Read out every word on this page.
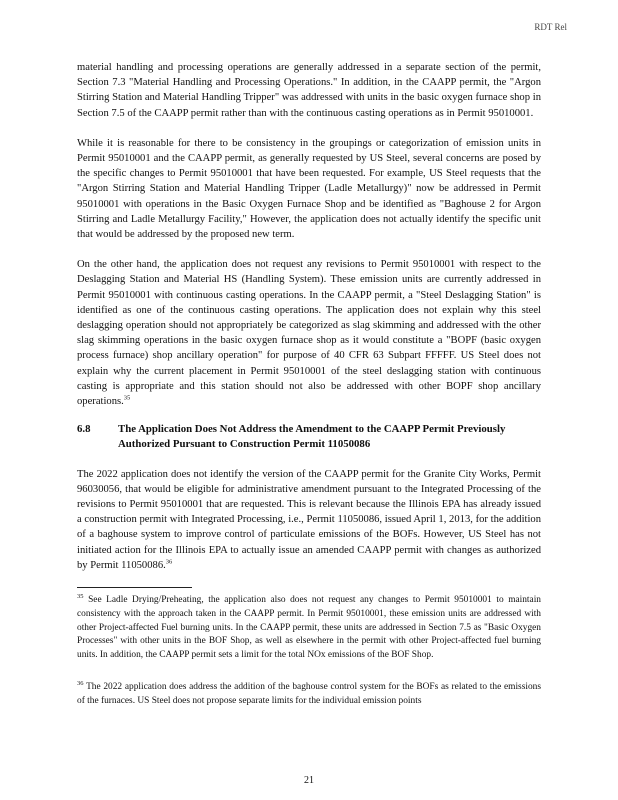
RDT Rel

material handling and processing operations are generally addressed in a separate section of the permit, Section 7.3 "Material Handling and Processing Operations." In addition, in the CAAPP permit, the "Argon Stirring Station and Material Handling Tripper" was addressed with units in the basic oxygen furnace shop in Section 7.5 of the CAAPP permit rather than with the continuous casting operations as in Permit 95010001.

While it is reasonable for there to be consistency in the groupings or categorization of emission units in Permit 95010001 and the CAAPP permit, as generally requested by US Steel, several concerns are posed by the specific changes to Permit 95010001 that have been requested. For example, US Steel requests that the "Argon Stirring Station and Material Handling Tripper (Ladle Metallurgy)" now be addressed in Permit 95010001 with operations in the Basic Oxygen Furnace Shop and be identified as "Baghouse 2 for Argon Stirring and Ladle Metallurgy Facility," However, the application does not actually identify the specific unit that would be addressed by the proposed new term.

On the other hand, the application does not request any revisions to Permit 95010001 with respect to the Deslagging Station and Material HS (Handling System). These emission units are currently addressed in Permit 95010001 with continuous casting operations. In the CAAPP permit, a "Steel Deslagging Station" is identified as one of the continuous casting operations. The application does not explain why this steel deslagging operation should not appropriately be categorized as slag skimming and addressed with the other slag skimming operations in the basic oxygen furnace shop as it would constitute a "BOPF (basic oxygen process furnace) shop ancillary operation" for purpose of 40 CFR 63 Subpart FFFFF. US Steel does not explain why the current placement in Permit 95010001 of the steel deslagging station with continuous casting is appropriate and this station should not also be addressed with other BOPF shop ancillary operations.$^{35}$

6.8	The Application Does Not Address the Amendment to the CAAPP Permit Previously Authorized Pursuant to Construction Permit 11050086

The 2022 application does not identify the version of the CAAPP permit for the Granite City Works, Permit 96030056, that would be eligible for administrative amendment pursuant to the Integrated Processing of the revisions to Permit 95010001 that are requested. This is relevant because the Illinois EPA has already issued a construction permit with Integrated Processing, i.e., Permit 11050086, issued April 1, 2013, for the addition of a baghouse system to improve control of particulate emissions of the BOFs. However, US Steel has not initiated action for the Illinois EPA to actually issue an amended CAAPP permit with changes as authorized by Permit 11050086.36

$^{35}$ See Ladle Drying/Preheating, the application also does not request any changes to Permit 95010001 to maintain consistency with the approach taken in the CAAPP permit. In Permit 95010001, these emission units are addressed with other Project-affected Fuel burning units. In the CAAPP permit, these units are addressed in Section 7.5 as "Basic Oxygen Processes" with other units in the BOF Shop, as well as elsewhere in the permit with other Project-affected fuel burning units. In addition, the CAAPP permit sets a limit for the total NOx emissions of the BOF Shop.
$^{36}$ The 2022 application does address the addition of the baghouse control system for the BOFs as related to the emissions of the furnaces. US Steel does not propose separate limits for the individual emission points
21
